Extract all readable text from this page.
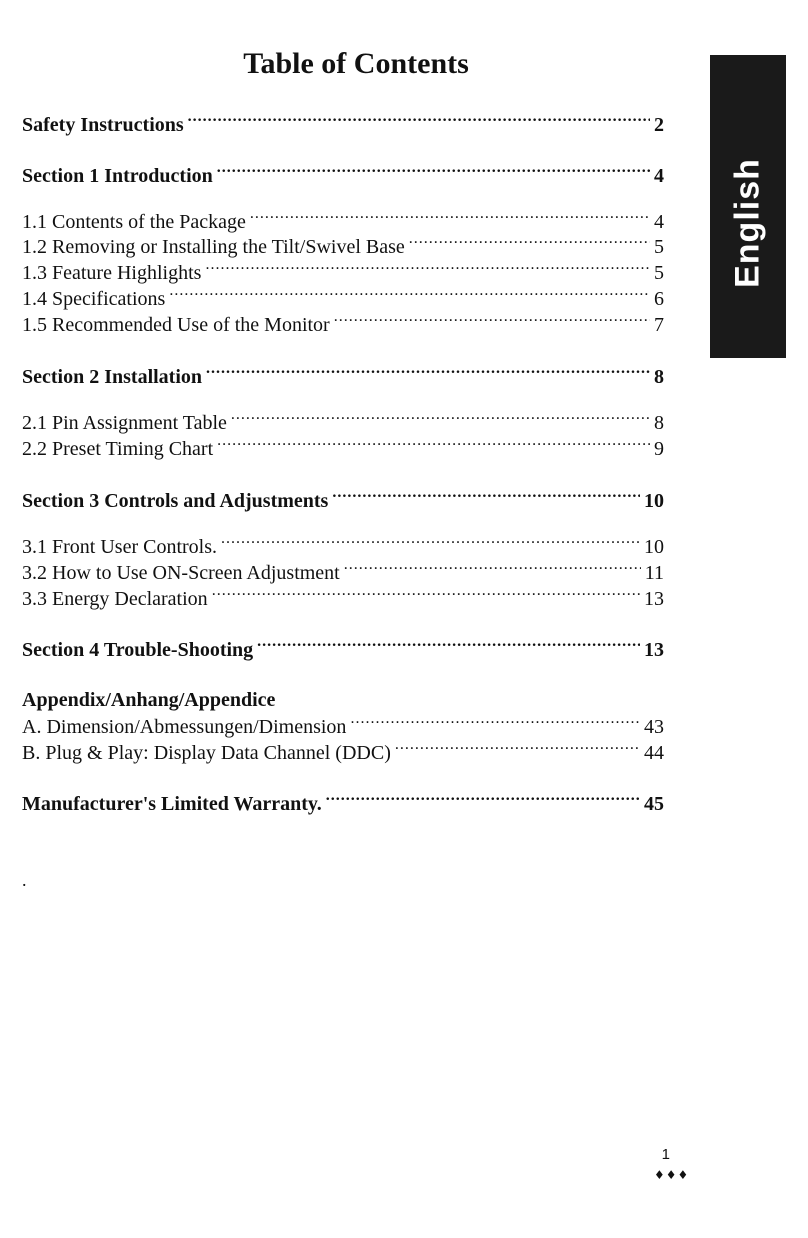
Table of Contents
English
Safety Instructions .....	2
Section 1 Introduction .....	4
1.1 Contents of the Package .....	4
1.2 Removing or Installing the Tilt/Swivel Base .....	5
1.3 Feature Highlights .....	5
1.4 Specifications .....	6
1.5 Recommended Use of the Monitor .....	7
Section 2 Installation .....	8
2.1 Pin Assignment Table .....	8
2.2 Preset Timing Chart .....	9
Section 3 Controls and Adjustments .....	10
3.1 Front User Controls. .....	10
3.2 How to Use ON-Screen Adjustment .....	11
3.3 Energy Declaration .....	13
Section 4 Trouble-Shooting .....	13
Appendix/Anhang/Appendice
A. Dimension/Abmessungen/Dimension .....	43
B. Plug & Play: Display Data Channel (DDC) .....	44
Manufacturer's Limited Warranty. .....	45
.
1
♦♦♦
